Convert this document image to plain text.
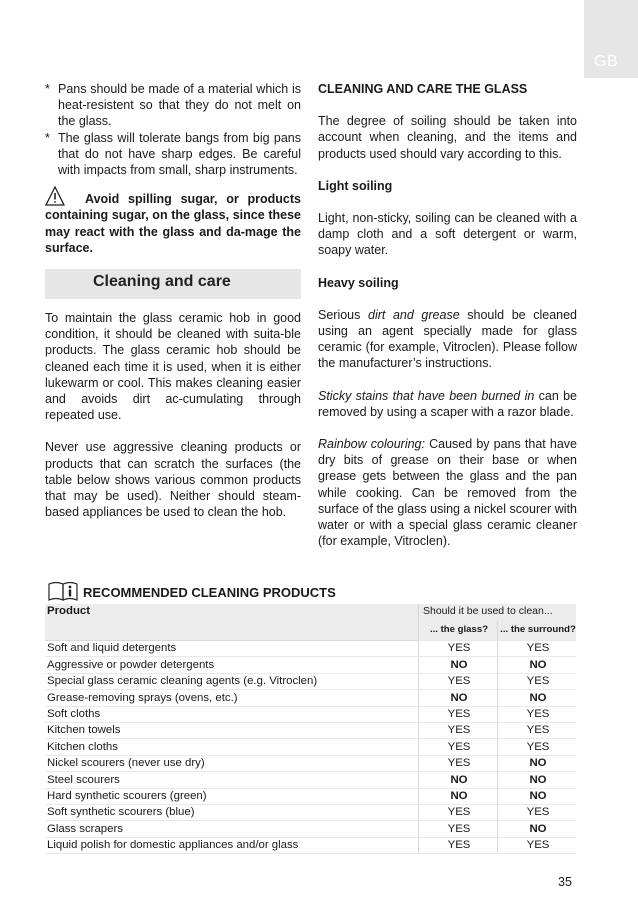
GB
* Pans should be made of a material which is heat-resistent so that they do not melt on the glass.
* The glass will tolerate bangs from big pans that do not have sharp edges. Be careful with impacts from small, sharp instruments.
Avoid spilling sugar, or products containing sugar, on the glass, since these may react with the glass and da-mage the surface.
Cleaning and care

To maintain the glass ceramic hob in good condition, it should be cleaned with suita-ble products. The glass ceramic hob should be cleaned each time it is used, when it is either lukewarm or cool. This makes cleaning easier and avoids dirt ac-cumulating through repeated use.

Never use aggressive cleaning products or products that can scratch the surfaces (the table below shows various common products that may be used). Neither should steam-based appliances be used to clean the hob.

CLEANING AND CARE THE GLASS

The degree of soiling should be taken into account when cleaning, and the items and products used should vary according to this.

Light soiling

Light, non-sticky, soiling can be cleaned with a damp cloth and a soft detergent or warm, soapy water.

Heavy soiling

Serious dirt and grease should be cleaned using an agent specially made for glass ceramic (for example, Vitroclen). Please follow the manufacturer’s instructions.

Sticky stains that have been burned in can be removed by using a scaper with a razor blade.

Rainbow colouring: Caused by pans that have dry bits of grease on their base or when grease gets between the glass and the pan while cooking. Can be removed from the surface of the glass using a nickel scourer with water or with a special glass ceramic cleaner (for example, Vitroclen).

RECOMMENDED CLEANING PRODUCTS
Product	Should it be used to clean...	
	... the glass?	... the surround?
Soft and liquid detergents	YES	YES
Aggressive or powder detergents	NO	NO
Special glass ceramic cleaning agents (e.g. Vitroclen)	YES	YES
Grease-removing sprays (ovens, etc.)	NO	NO
Soft cloths	YES	YES
Kitchen towels	YES	YES
Kitchen cloths	YES	YES
Nickel scourers (never use dry)	YES	NO
Steel scourers	NO	NO
Hard synthetic scourers (green)	NO	NO
Soft synthetic scourers (blue)	YES	YES
Glass scrapers	YES	NO
Liquid polish for domestic appliances and/or glass	YES	YES
35
